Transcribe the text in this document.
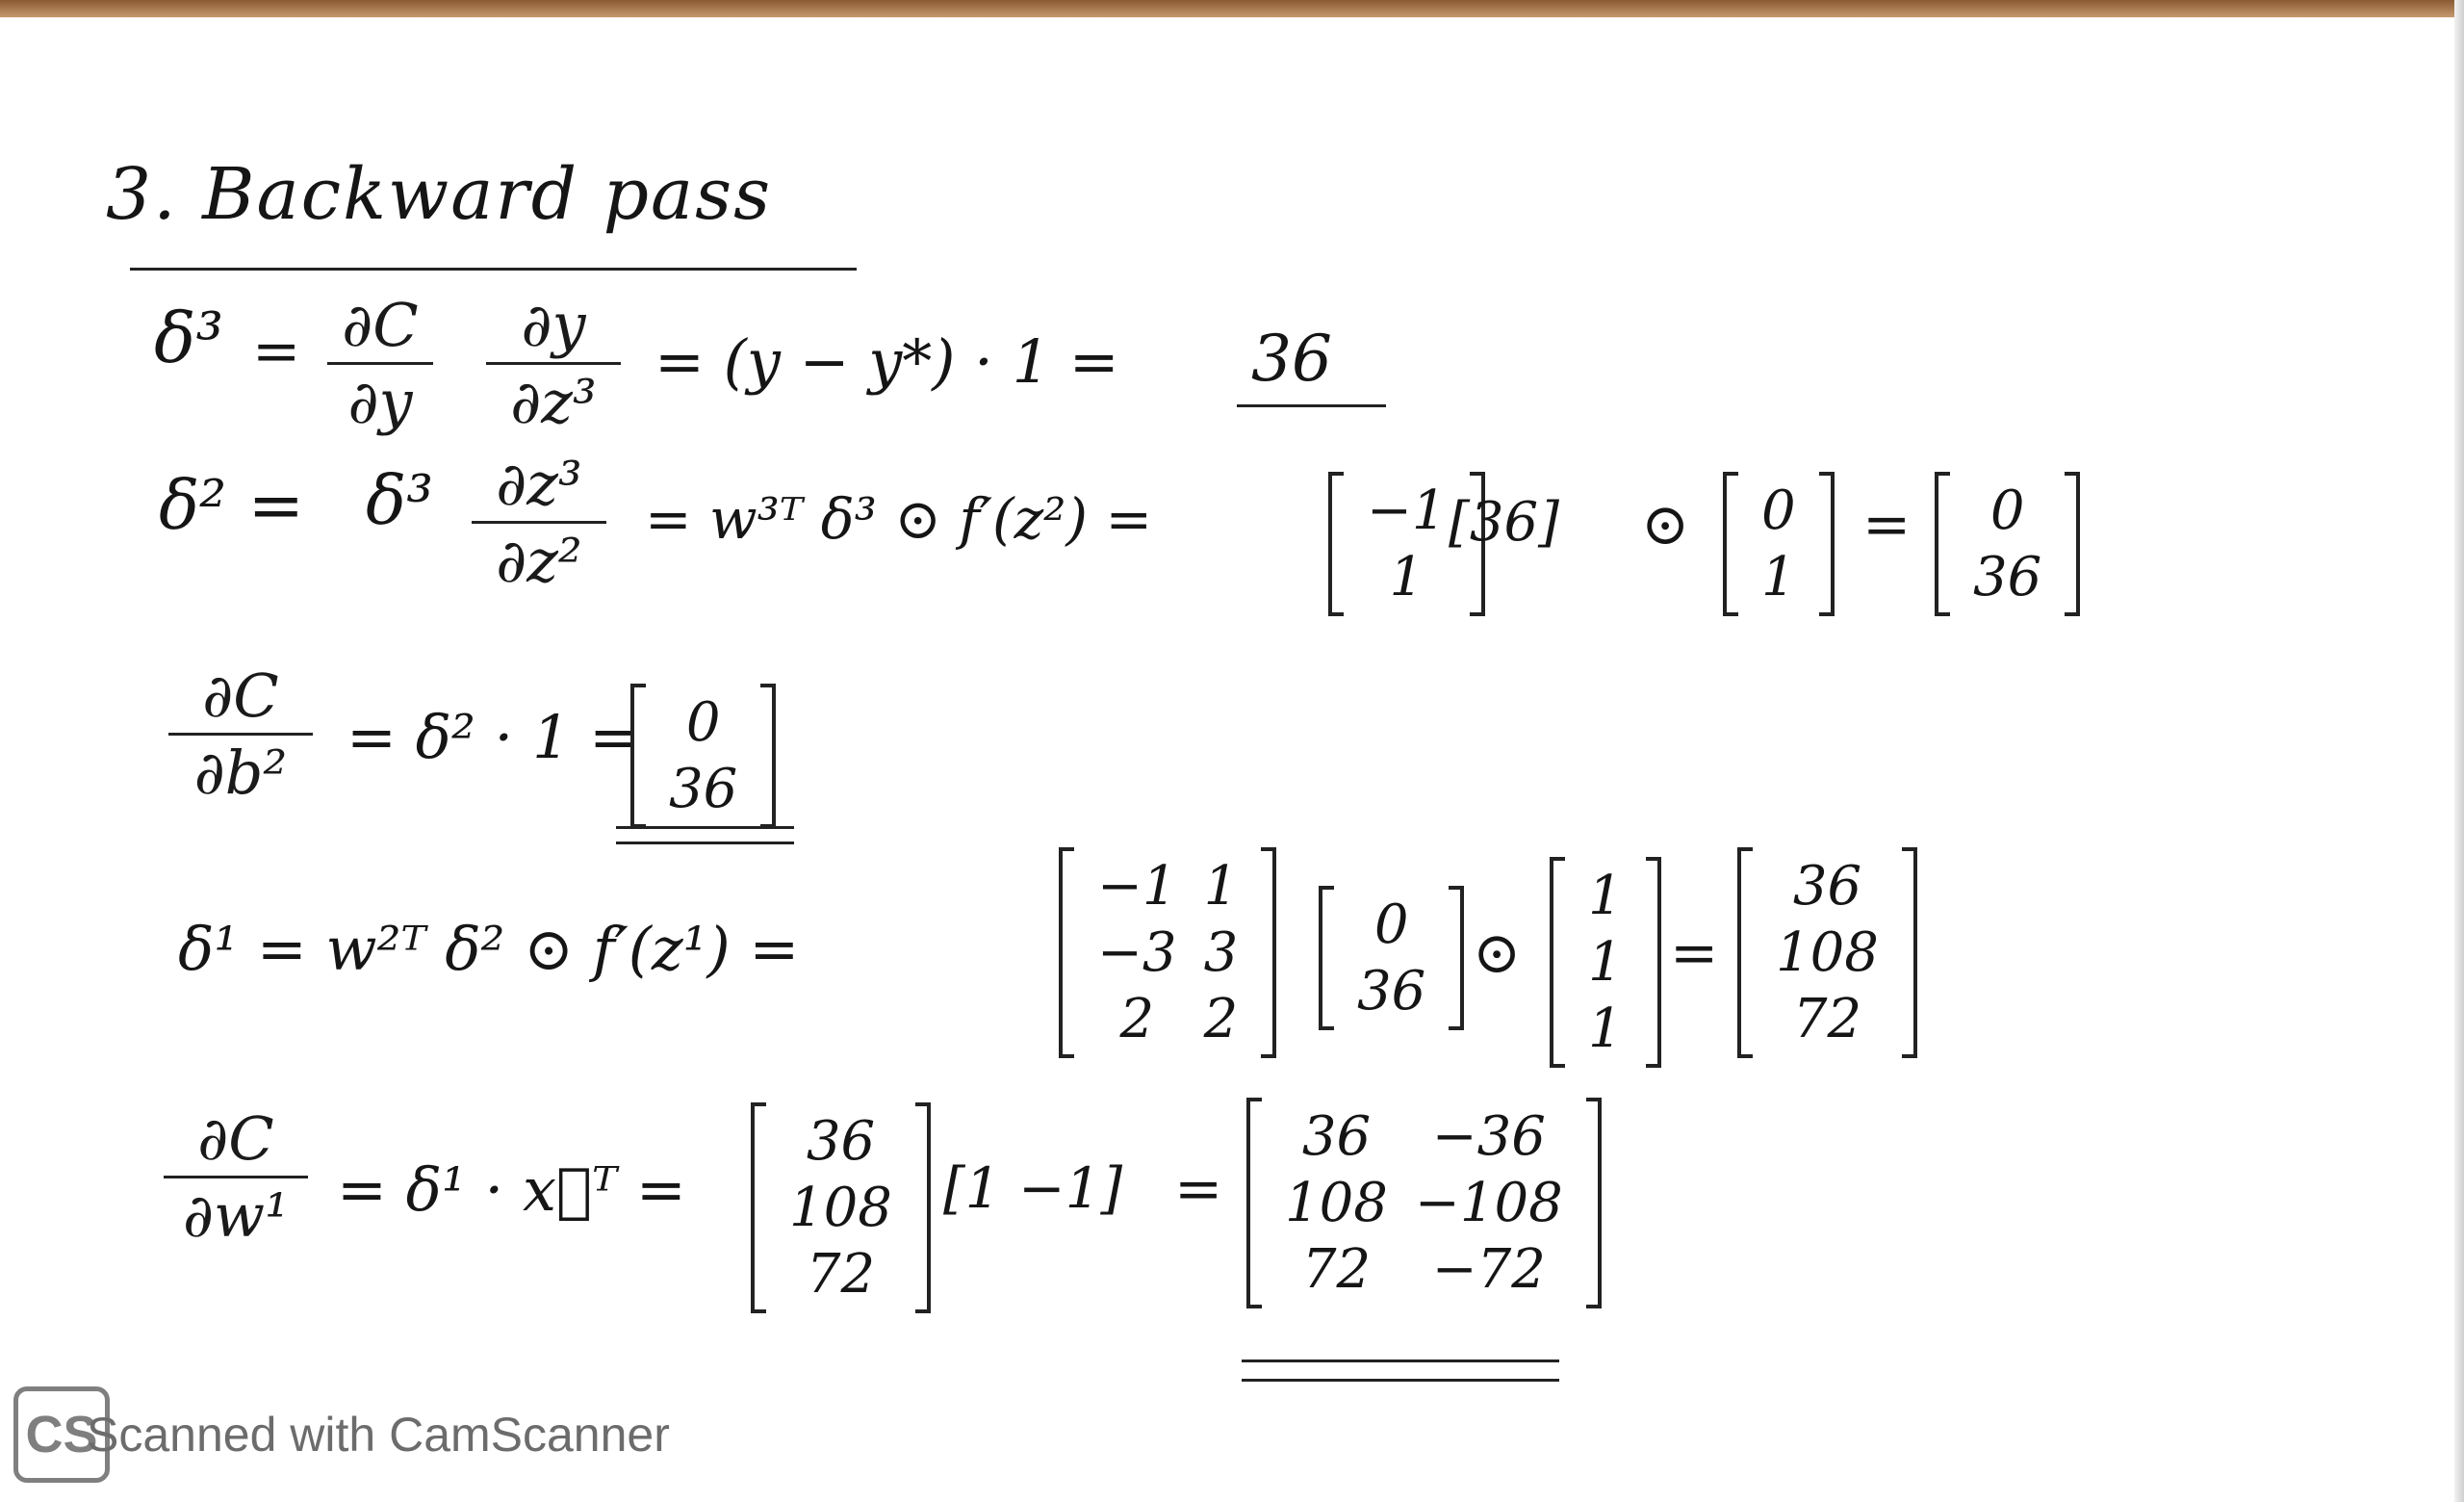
3. Backward pass
δ³ = ∂C
∂y
∂y
∂z³
= (y − y*) · 1 = 36
δ² = δ³	∂z³
∂z²
= w³ᵀ δ³ ⊙ f′(z²) =	−1
1
[36] ⊙ 0
1
= 0
36
∂C
∂b²
= δ² · 1 = 0
36
δ¹ = w²ᵀ δ² ⊙ f′(z¹) =
−1	1
−3	3
2	2
0
36
⊙
1
1
1
=
36
108
72
∂C
∂w¹ = δ¹ · x⃗ᵀ =
36
108
72
[1 −1] =
36	−36
108	−108
72	−72
CS
Scanned with CamScanner
